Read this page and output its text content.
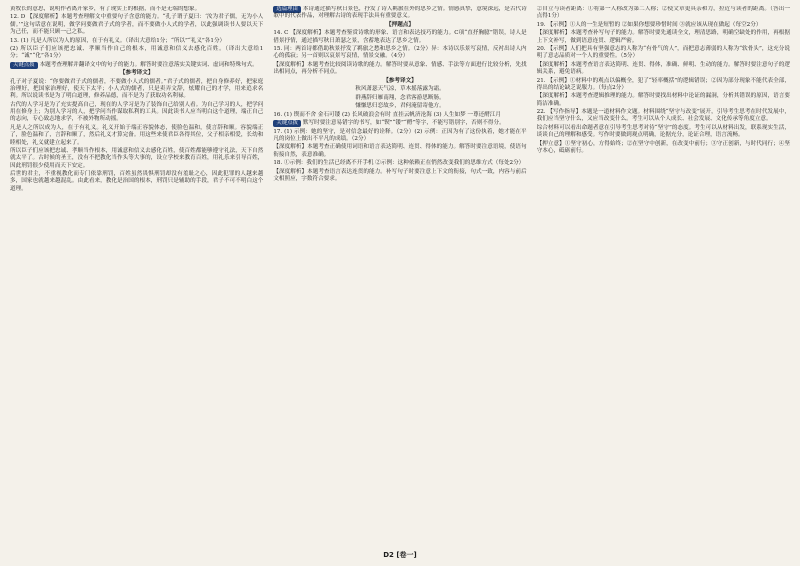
黄牧长的意思，说明作者离开家乡，有了现实上的根据，而不是无端的想象。

12. D 【深度解析】本题考查理解文中重要句子含意的能力。“孔子谓子夏曰：‘汝为君子儒，无为小人儒。’”这句话意在说明，做学问要做君子式的学者，而不要做小人式的学者，以此强调读书人要以天下为己任，而不能只顾一己之私。

13. (1) 凡是人所以为人的原因，在于有礼义。（译出大意给1分；“所以”“礼义”各1分）

(2) 所以臣子们应该把忠诚、孝顺当作自己的根本，用诚意和信义去感化百姓。（译出大意给1分；“诚”“化”各1分）

关键点拨 本题考查理解并翻译文中的句子的能力。解答时要注意落实关键实词、虚词和特殊句式。

【参考译文】

孔子对子夏说：“你要做君子式的儒者，不要做小人式的儒者。”君子式的儒者，把自身修养好，把家庭治理好，把国家治理好，使天下太平；小人式的儒者，只是卖弄文辞，炫耀自己的才学，用来追求名利。所以说读书是为了明白道理，修养品德，而不是为了获取功名利禄。

古代的人学习是为了充实提高自己，现在的人学习是为了装饰自己给别人看。为自己学习的人，把学问用在修身上；为别人学习的人，把学问当作谋取私利的工具。因此读书人应当明白这个道理，端正自己的志向，专心致志地求学，不被外物所动摇。

凡是人之所以成为人，在于有礼义。礼义开始于端正容貌体态，使脸色温和，使言辞和顺。容貌端正了，脸色温和了，言辞和顺了，然后礼义才算完备。用这些来使君臣各得其位，父子相亲相爱，长幼和睦相处，礼义就建立起来了。

所以臣子们应该把忠诚、孝顺当作根本，用诚意和信义去感化百姓，使百姓都能够遵守礼法，天下自然就太平了。古时候的圣王，没有不把教化当作头等大事的，设立学校来教育百姓，用礼乐来引导百姓，因此刑罚很少使用而天下安定。

后世的君主，不重视教化而专门依靠刑罚，百姓虽然畏惧刑罚却没有羞耻之心，因此犯罪的人越来越多，国家也就越来越混乱。由此看来，教化是治国的根本，刑罚只是辅助的手段，君子不可不明白这个道理。

选篇理由 本诗通过描写秋日景色，抒发了诗人羁旅在外的思乡之情。情感真挚，意境深远，是古代诗歌中的代表作品，对理解古诗的表现手法具有重要意义。

【押题点】

14. C 【深度解析】本题考查鉴赏诗歌的形象、语言和表达技巧的能力。C项“直抒胸臆”错误，诗人是借景抒情，通过描写秋日萧瑟之景，含蓄地表达了思乡之情。

15. 同：两首诗都借助秋景抒发了羁旅之愁和思乡之情。（2分）异：本诗以乐景写哀情，反衬出诗人内心的孤寂；另一首则以哀景写哀情，情景交融。（4分）

【深度解析】本题考查比较阅读诗歌的能力。解答时要从意象、情感、手法等方面进行比较分析，先找出相同点，再分析不同点。

【参考译文】

秋风萧瑟天气凉，草木摇落露为霜。

群燕辞归雁南翔，念君客游思断肠。

慊慊思归恋故乡，君何淹留寄他方。

16. (1) 锲而不舍 金石可镂 (2) 长风破浪会有时 直挂云帆济沧海 (3) 人生如梦 一尊还酹江月

关键点拨 默写时要注意易错字的书写，如“锲”“镂”“酹”等字，不能写错别字，否则不得分。

17. (1) 示例：她的坚守，是对信念最好的诠释。（2分）(2) 示例：正因为有了这份执着，她才能在平凡的岗位上做出不平凡的成绩。（2分）

【深度解析】本题考查正确使用词语和语言表达简明、连贯、得体的能力。解答时要注意语境，使语句衔接自然，表意准确。

18. ①示例：我们的生活已经离不开手机 ②示例：这种依赖正在悄然改变我们的思维方式（每处2分）

【深度解析】本题考查语言表达连贯的能力。补写句子时要注意上下文的衔接，句式一致，内容与前后文相照应，字数符合要求。

②自立与读者距离：①将第一人称改为第二人称；②使文章更具亲和力，拉近与读者的距离。（答出一点得1分）

19. 【示例】①人的一生是短暂的 ②如果你想要珍惜时间 ③就应该从现在做起（每空2分）

【深度解析】本题考查补写句子的能力。解答时要先通读全文，理清思路，明确空缺处的作用，再根据上下文补写，做到语意连贯、逻辑严密。

20. 【示例】人们把具有坚强意志的人称为“有骨气的人”，而把意志薄弱的人称为“软骨头”，这充分说明了意志品质对一个人的重要性。（5分）

【深度解析】本题考查语言表达简明、连贯、得体，准确、鲜明、生动的能力。解答时要注意句子的逻辑关系，避免语病。

21. 【示例】①材料中的观点以偏概全，犯了“轻率概括”的逻辑错误；②因为部分现象不能代表全部，得出的结论缺乏说服力。（每点2分）

【深度解析】本题考查逻辑推理的能力。解答时要找出材料中论证的漏洞，分析其错误的原因，语言要简洁准确。

22. 【写作指导】本题是一道材料作文题。材料围绕“坚守与改变”展开，引导考生思考在时代发展中，我们应当坚守什么，又应当改变什么。考生可以从个人成长、社会发展、文化传承等角度立意。

综合材料可以看出命题者意在引导考生思考对待“坚守”的态度。考生可以从材料出发，联系现实生活，谈谈自己的理解和感受。写作时要做到观点明确，论据充分，论证合理，语言流畅。

【押立意】①坚守初心，方得始终；②在坚守中创新，在改变中前行；③守正创新，与时代同行；④坚守本心，砥砺前行。

D2 [卷一]
